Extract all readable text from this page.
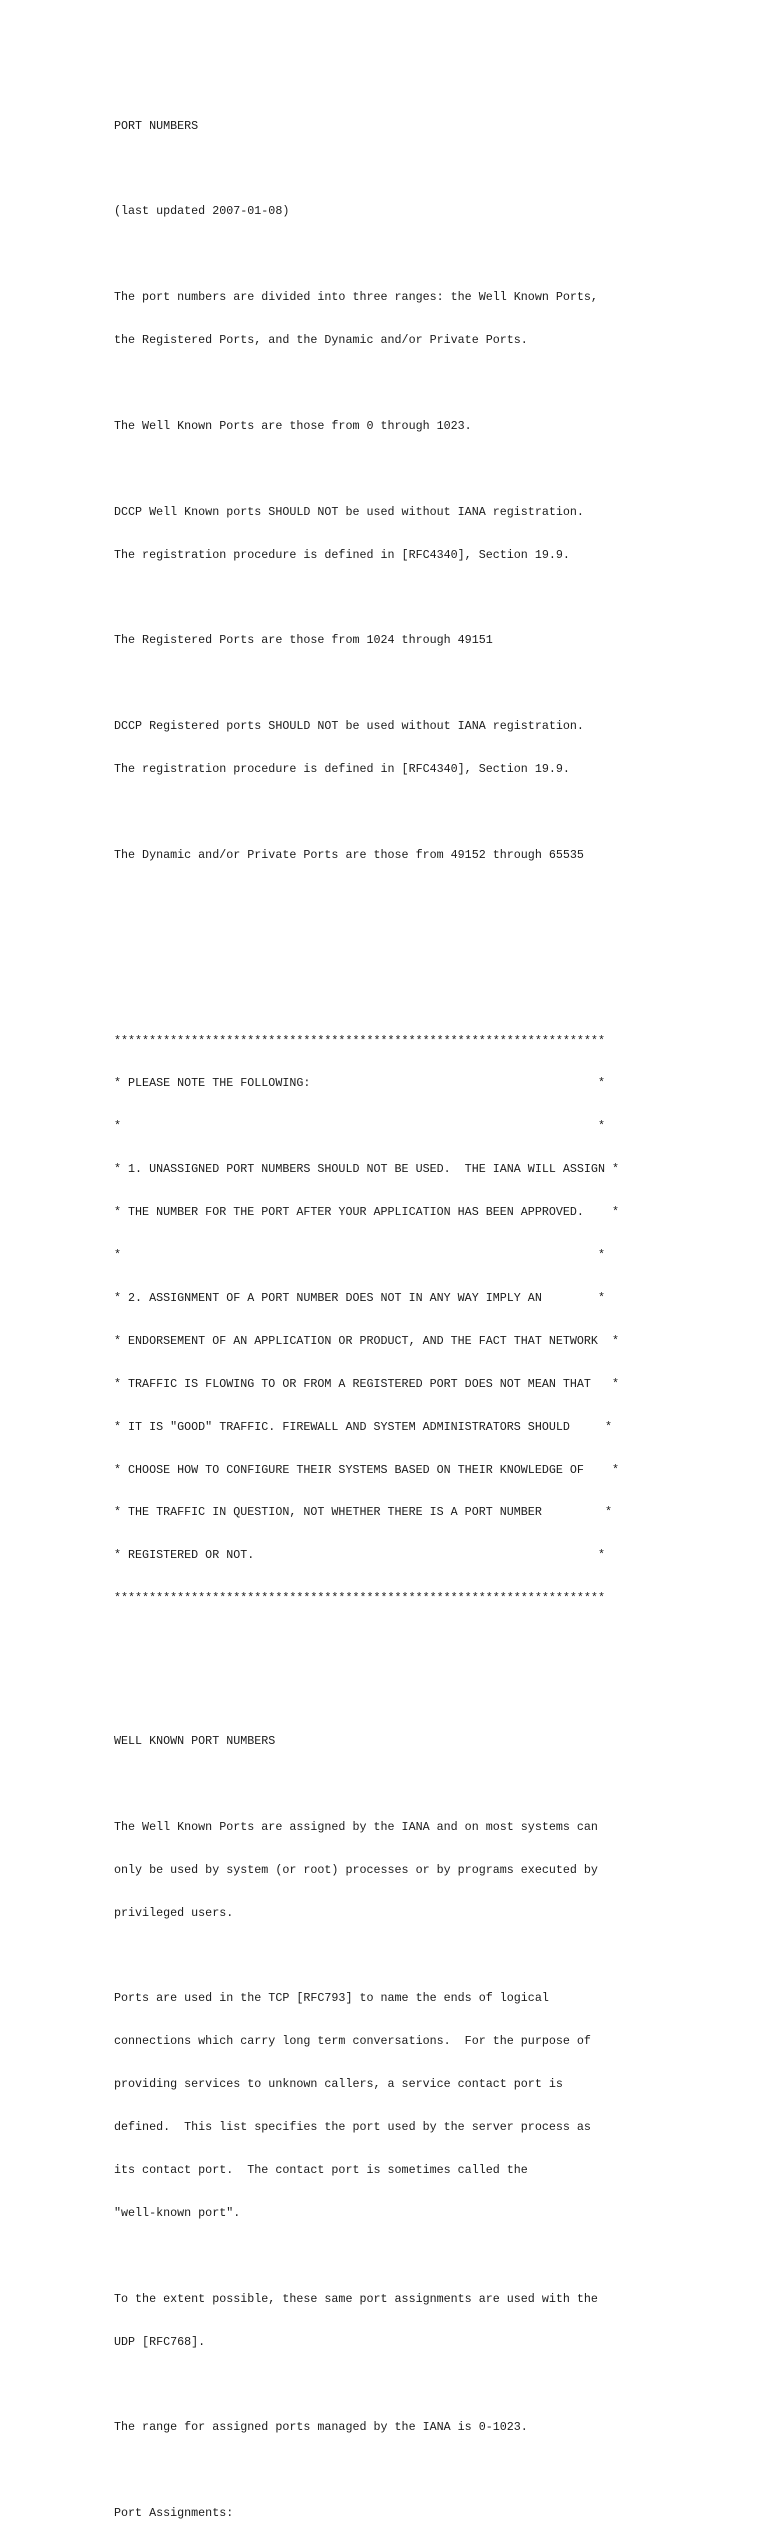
PORT NUMBERS

(last updated 2007-01-08)

The port numbers are divided into three ranges: the Well Known Ports,

the Registered Ports, and the Dynamic and/or Private Ports.

The Well Known Ports are those from 0 through 1023.

DCCP Well Known ports SHOULD NOT be used without IANA registration.

The registration procedure is defined in [RFC4340], Section 19.9.

The Registered Ports are those from 1024 through 49151

DCCP Registered ports SHOULD NOT be used without IANA registration.

The registration procedure is defined in [RFC4340], Section 19.9.

The Dynamic and/or Private Ports are those from 49152 through 65535

**********************************************************************

* PLEASE NOTE THE FOLLOWING:                                         *

*                                                                    *

* 1. UNASSIGNED PORT NUMBERS SHOULD NOT BE USED.  THE IANA WILL ASSIGN *

* THE NUMBER FOR THE PORT AFTER YOUR APPLICATION HAS BEEN APPROVED.    *

*                                                                    *

* 2. ASSIGNMENT OF A PORT NUMBER DOES NOT IN ANY WAY IMPLY AN        *

* ENDORSEMENT OF AN APPLICATION OR PRODUCT, AND THE FACT THAT NETWORK  *

* TRAFFIC IS FLOWING TO OR FROM A REGISTERED PORT DOES NOT MEAN THAT   *

* IT IS "GOOD" TRAFFIC. FIREWALL AND SYSTEM ADMINISTRATORS SHOULD     *

* CHOOSE HOW TO CONFIGURE THEIR SYSTEMS BASED ON THEIR KNOWLEDGE OF    *

* THE TRAFFIC IN QUESTION, NOT WHETHER THERE IS A PORT NUMBER         *

* REGISTERED OR NOT.                                                 *

**********************************************************************

WELL KNOWN PORT NUMBERS

The Well Known Ports are assigned by the IANA and on most systems can

only be used by system (or root) processes or by programs executed by

privileged users.

Ports are used in the TCP [RFC793] to name the ends of logical

connections which carry long term conversations.  For the purpose of

providing services to unknown callers, a service contact port is

defined.  This list specifies the port used by the server process as

its contact port.  The contact port is sometimes called the

"well-known port".

To the extent possible, these same port assignments are used with the

UDP [RFC768].

The range for assigned ports managed by the IANA is 0-1023.

Port Assignments:
